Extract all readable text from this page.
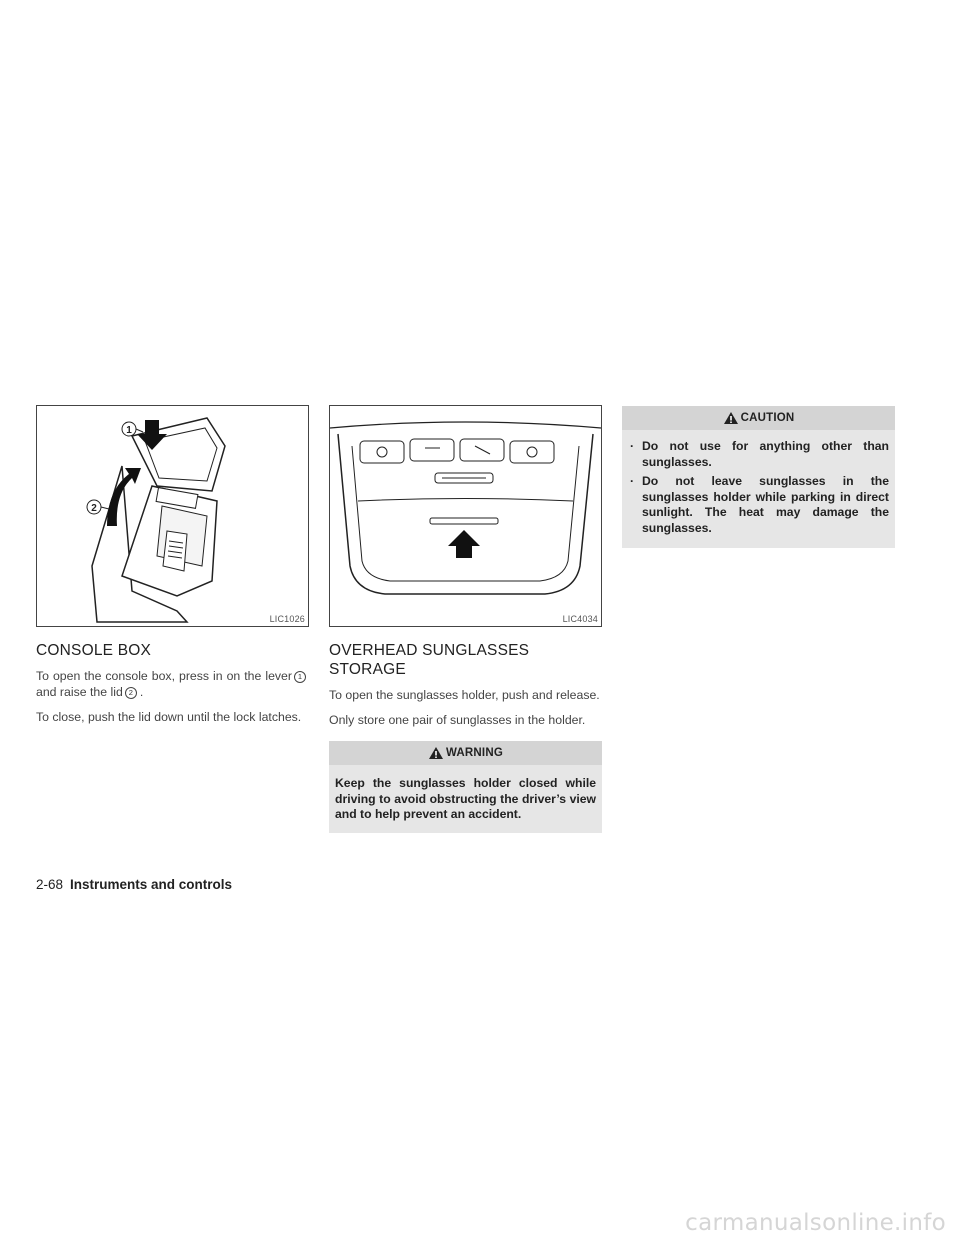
1
2
LIC1026
CONSOLE BOX

To open the console box, press in on the lever 1and raise the lid 2 .

To close, push the lid down until the lock latches.

LIC4034
OVERHEAD SUNGLASSES
STORAGE

To open the sunglasses holder, push and release.

Only store one pair of sunglasses in the holder.

WARNING

Keep the sunglasses holder closed while driving to avoid obstructing the driver’s view and to help prevent an accident.

CAUTION
· Do not use for anything other than sunglasses.
· Do not leave sunglasses in the sunglasses holder while parking in direct sunlight. The heat may damage the sunglasses.
2-68 Instruments and controls
carmanualsonline.info
